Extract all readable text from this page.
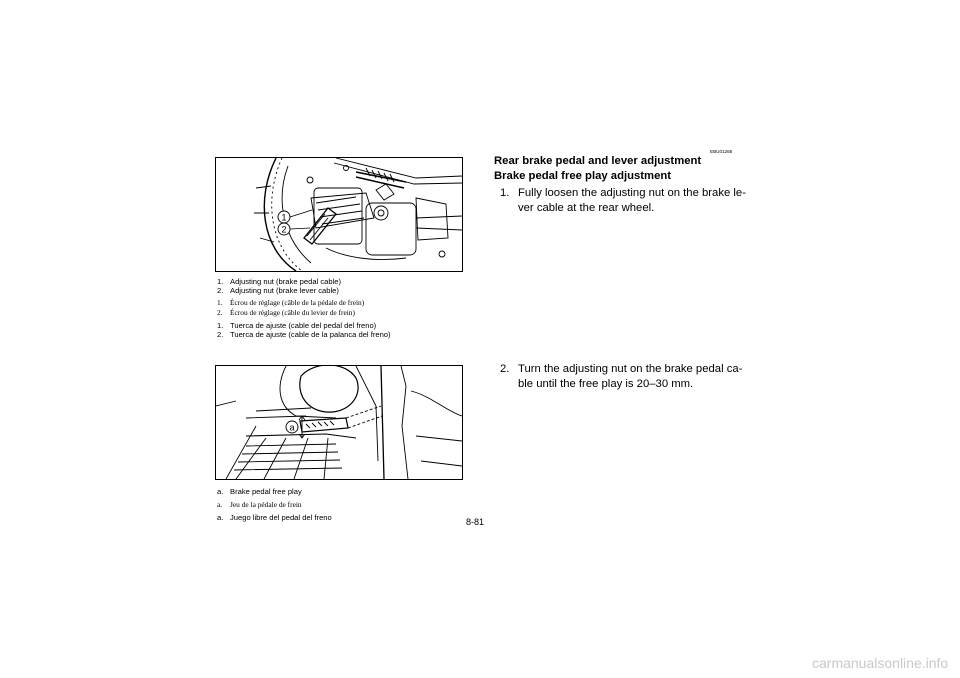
1
2
1. Adjusting nut (brake pedal cable)
2. Adjusting nut (brake lever cable)
1. Écrou de réglage (câble de la pédale de frein)
2. Écrou de réglage (câble du levier de frein)
1. Tuerca de ajuste (cable del pedal del freno)
2. Tuerca de ajuste (cable de la palanca del freno)
a
a. Brake pedal free play
a. Jeu de la pédale de frein
a. Juego libre del pedal del freno
EBU01268
Rear brake pedal and lever adjustment
Brake pedal free play adjustment
1. Fully loosen the adjusting nut on the brake le- ver cable at the rear wheel.
2. Turn the adjusting nut on the brake pedal ca- ble until the free play is 20–30 mm.
8-81
carmanualsonline.info
